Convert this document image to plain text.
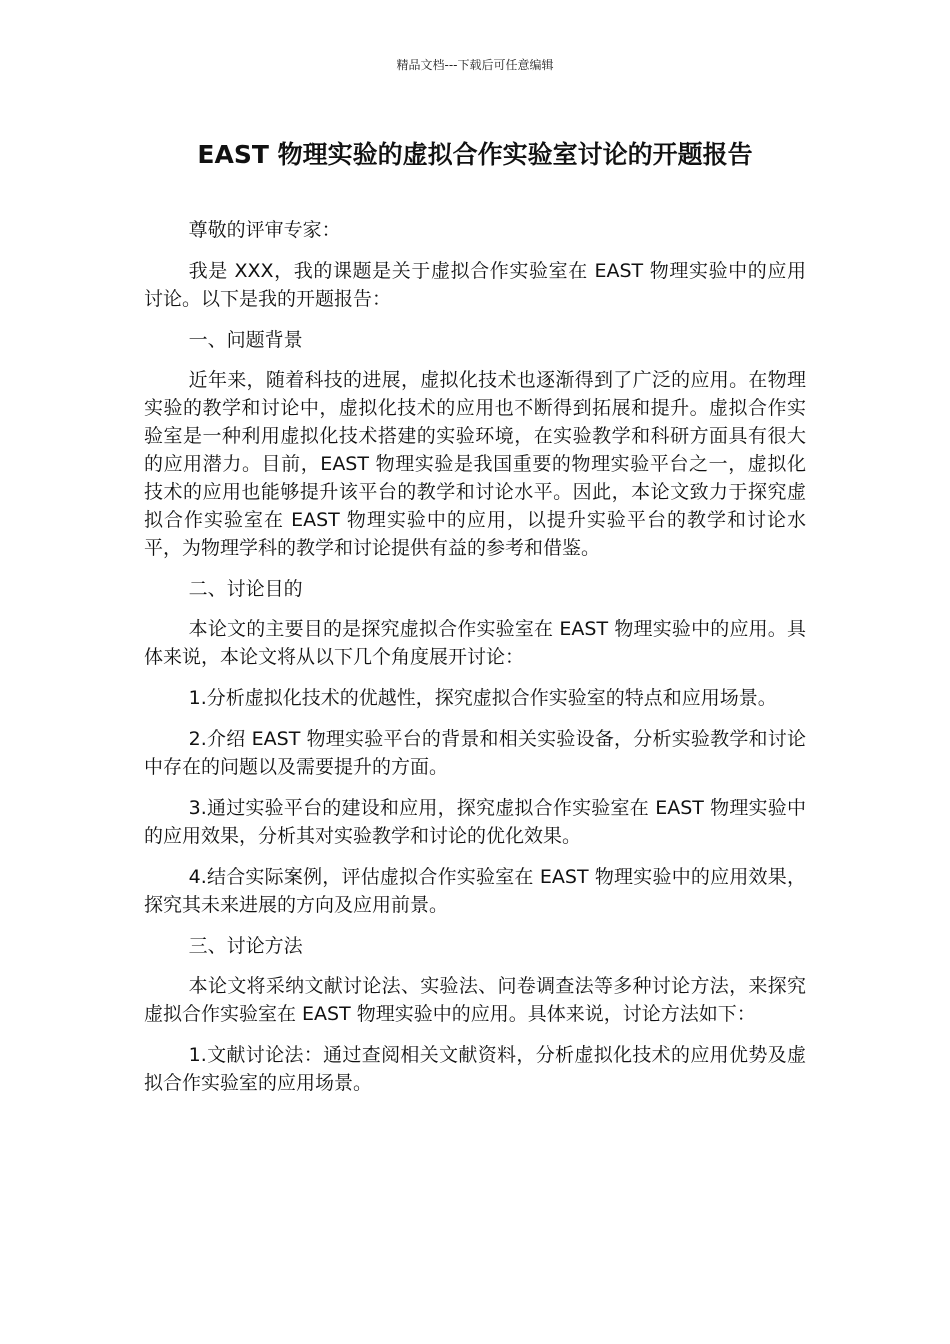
精品文档---下载后可任意编辑
EAST 物理实验的虚拟合作实验室讨论的开题报告

尊敬的评审专家：

我是 XXX，我的课题是关于虚拟合作实验室在 EAST 物理实验中的应用讨论。以下是我的开题报告：

一、问题背景

近年来，随着科技的进展，虚拟化技术也逐渐得到了广泛的应用。在物理实验的教学和讨论中，虚拟化技术的应用也不断得到拓展和提升。虚拟合作实验室是一种利用虚拟化技术搭建的实验环境，在实验教学和科研方面具有很大的应用潜力。目前，EAST 物理实验是我国重要的物理实验平台之一，虚拟化技术的应用也能够提升该平台的教学和讨论水平。因此，本论文致力于探究虚拟合作实验室在 EAST 物理实验中的应用，以提升实验平台的教学和讨论水平，为物理学科的教学和讨论提供有益的参考和借鉴。

二、讨论目的

本论文的主要目的是探究虚拟合作实验室在 EAST 物理实验中的应用。具体来说，本论文将从以下几个角度展开讨论：

1.分析虚拟化技术的优越性，探究虚拟合作实验室的特点和应用场景。

2.介绍 EAST 物理实验平台的背景和相关实验设备，分析实验教学和讨论中存在的问题以及需要提升的方面。

3.通过实验平台的建设和应用，探究虚拟合作实验室在 EAST 物理实验中的应用效果，分析其对实验教学和讨论的优化效果。

4.结合实际案例，评估虚拟合作实验室在 EAST 物理实验中的应用效果，探究其未来进展的方向及应用前景。

三、讨论方法

本论文将采纳文献讨论法、实验法、问卷调查法等多种讨论方法，来探究虚拟合作实验室在 EAST 物理实验中的应用。具体来说，讨论方法如下：

1.文献讨论法：通过查阅相关文献资料，分析虚拟化技术的应用优势及虚拟合作实验室的应用场景。
